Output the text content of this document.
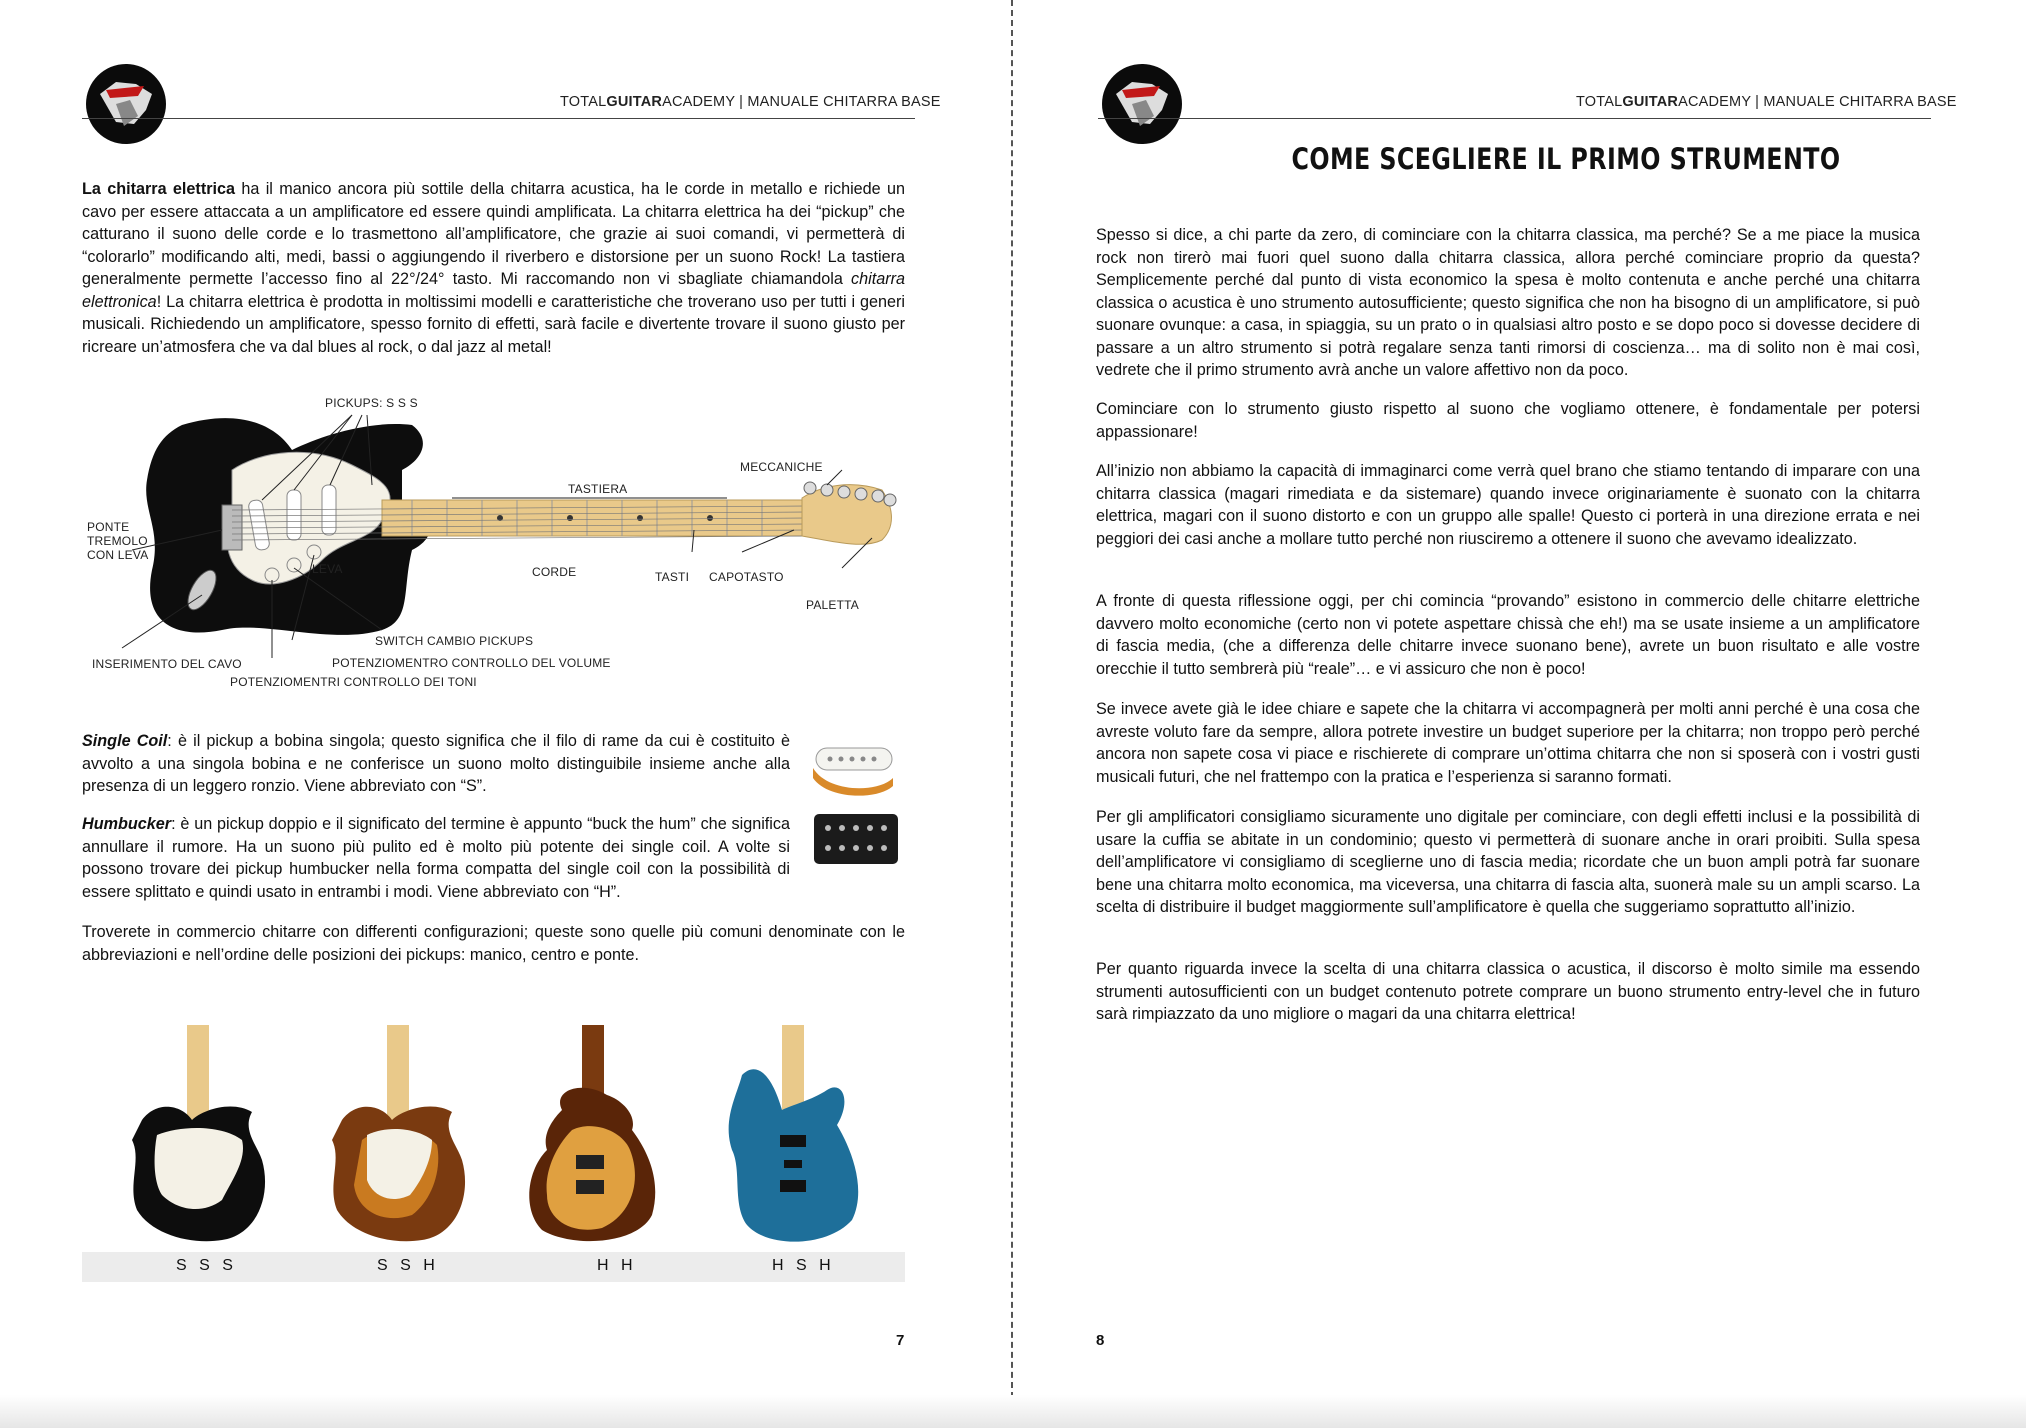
TOTALGUITARACADEMY | MANUALE CHITARRA BASE

La chitarra elettrica ha il manico ancora più sottile della chitarra acustica, ha le corde in metallo e richiede un cavo per essere attaccata a un amplificatore ed essere quindi amplificata. La chitarra elettrica ha dei “pickup” che catturano il suono delle corde e lo trasmettono all’amplificatore, che grazie ai suoi comandi, vi permetterà di “colorarlo” modificando alti, medi, bassi o aggiungendo il riverbero e distorsione per un suono Rock! La tastiera generalmente permette l’accesso fino al 22°/24° tasto. Mi raccomando non vi sbagliate chiamandola chitarra elettronica! La chitarra elettrica è prodotta in moltissimi modelli e caratteristiche che troverano uso per tutti i generi musicali. Richiedendo un amplificatore, spesso fornito di effetti, sarà facile e divertente trovare il suono giusto per ricreare un’atmosfera che va dal blues al rock, o dal jazz al metal!

PICKUPS: S S S
MECCANICHE
TASTIERA
PONTE
TREMOLO
CON LEVA
LEVA	CORDE	TASTI CAPOTASTO
PALETTA
SWITCH CAMBIO PICKUPS
INSERIMENTO DEL CAVO	POTENZIOMENTRO CONTROLLO DEL VOLUME
POTENZIOMENTRI CONTROLLO DEI TONI

Single Coil: è il pickup a bobina singola; questo significa che il filo di rame da cui è costituito è avvolto a una singola bobina e ne conferisce un suono molto distinguibile insieme anche alla presenza di un leggero ronzio. Viene abbreviato con “S”.

Humbucker: è un pickup doppio e il significato del termine è appunto “buck the hum” che significa annullare il rumore. Ha un suono più pulito ed è molto più potente dei single coil. A volte si possono trovare dei pickup humbucker nella forma compatta del single coil con la possibilità di essere splittato e quindi usato in entrambi i modi. Viene abbreviato con “H”.

Troverete in commercio chitarre con differenti configurazioni; queste sono quelle più comuni denominate con le abbreviazioni e nell’ordine delle posizioni dei pickups: manico, centro e ponte.

S S S	S S H	H H	H S H
7
TOTALGUITARACADEMY | MANUALE CHITARRA BASE
COME SCEGLIERE IL PRIMO STRUMENTO

Spesso si dice, a chi parte da zero, di cominciare con la chitarra classica, ma perché? Se a me piace la musica rock non tirerò mai fuori quel suono dalla chitarra classica, allora perché cominciare proprio da questa? Semplicemente perché dal punto di vista economico la spesa è molto contenuta e anche perché una chitarra classica o acustica è uno strumento autosufficiente; questo significa che non ha bisogno di un amplificatore, si può suonare ovunque: a casa, in spiaggia, su un prato o in qualsiasi altro posto e se dopo poco si dovesse decidere di passare a un altro strumento si potrà regalare senza tanti rimorsi di coscienza… ma di solito non è mai così, vedrete che il primo strumento avrà anche un valore affettivo non da poco.

Cominciare con lo strumento giusto rispetto al suono che vogliamo ottenere, è fondamentale per potersi appassionare!

All’inizio non abbiamo la capacità di immaginarci come verrà quel brano che stiamo tentando di imparare con una chitarra classica (magari rimediata e da sistemare) quando invece originariamente è suonato con la chitarra elettrica, magari con il suono distorto e con un gruppo alle spalle! Questo ci porterà in una direzione errata e nei peggiori dei casi anche a mollare tutto perché non riusciremo a ottenere il suono che avevamo idealizzato.

A fronte di questa riflessione oggi, per chi comincia “provando” esistono in commercio delle chitarre elettriche davvero molto economiche (certo non vi potete aspettare chissà che eh!) ma se usate insieme a un amplificatore di fascia media, (che a differenza delle chitarre invece suonano bene), avrete un buon risultato e alle vostre orecchie il tutto sembrerà più “reale”… e vi assicuro che non è poco!

Se invece avete già le idee chiare e sapete che la chitarra vi accompagnerà per molti anni perché è una cosa che avreste voluto fare da sempre, allora potrete investire un budget superiore per la chitarra; non troppo però perché ancora non sapete cosa vi piace e rischierete di comprare un’ottima chitarra che non si sposerà con i vostri gusti musicali futuri, che nel frattempo con la pratica e l’esperienza si saranno formati.

Per gli amplificatori consigliamo sicuramente uno digitale per cominciare, con degli effetti inclusi e la possibilità di usare la cuffia se abitate in un condominio; questo vi permetterà di suonare anche in orari proibiti. Sulla spesa dell’amplificatore vi consigliamo di sceglierne uno di fascia media; ricordate che un buon ampli potrà far suonare bene una chitarra molto economica, ma viceversa, una chitarra di fascia alta, suonerà male su un ampli scarso. La scelta di distribuire il budget maggiormente sull’amplificatore è quella che suggeriamo soprattutto all’inizio.

Per quanto riguarda invece la scelta di una chitarra classica o acustica, il discorso è molto simile ma essendo strumenti autosufficienti con un budget contenuto potrete comprare un buono strumento entry-level che in futuro sarà rimpiazzato da uno migliore o magari da una chitarra elettrica!

8
